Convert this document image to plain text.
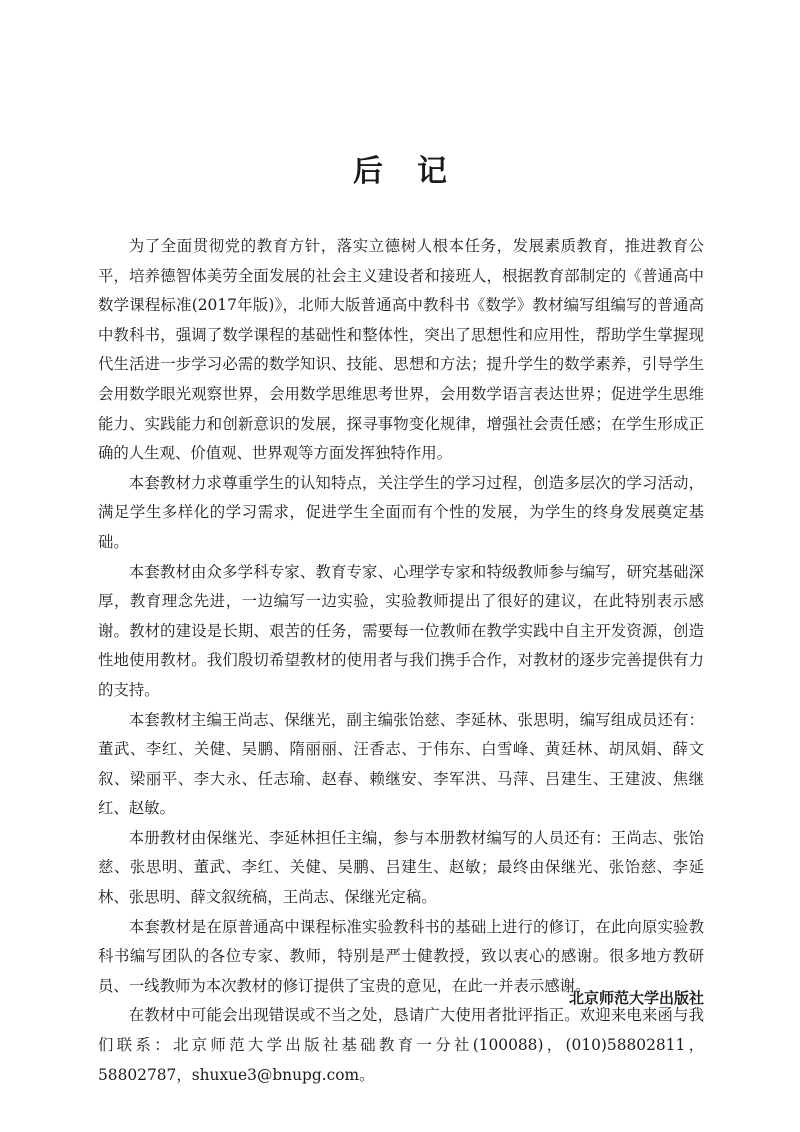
后记

为了全面贯彻党的教育方针，落实立德树人根本任务，发展素质教育，推进教育公平，培养德智体美劳全面发展的社会主义建设者和接班人，根据教育部制定的《普通高中数学课程标准(2017年版)》，北师大版普通高中教科书《数学》教材编写组编写的普通高中教科书，强调了数学课程的基础性和整体性，突出了思想性和应用性，帮助学生掌握现代生活进一步学习必需的数学知识、技能、思想和方法；提升学生的数学素养，引导学生会用数学眼光观察世界，会用数学思维思考世界，会用数学语言表达世界；促进学生思维能力、实践能力和创新意识的发展，探寻事物变化规律，增强社会责任感；在学生形成正确的人生观、价值观、世界观等方面发挥独特作用。

本套教材力求尊重学生的认知特点，关注学生的学习过程，创造多层次的学习活动，满足学生多样化的学习需求，促进学生全面而有个性的发展，为学生的终身发展奠定基础。

本套教材由众多学科专家、教育专家、心理学专家和特级教师参与编写，研究基础深厚，教育理念先进，一边编写一边实验，实验教师提出了很好的建议，在此特别表示感谢。教材的建设是长期、艰苦的任务，需要每一位教师在教学实践中自主开发资源，创造性地使用教材。我们殷切希望教材的使用者与我们携手合作，对教材的逐步完善提供有力的支持。

本套教材主编王尚志、保继光，副主编张饴慈、李延林、张思明，编写组成员还有：董武、李红、关健、吴鹏、隋丽丽、汪香志、于伟东、白雪峰、黄廷林、胡凤娟、薛文叙、梁丽平、李大永、任志瑜、赵春、赖继安、李军洪、马萍、吕建生、王建波、焦继红、赵敏。

本册教材由保继光、李延林担任主编，参与本册教材编写的人员还有：王尚志、张饴慈、张思明、董武、李红、关健、吴鹏、吕建生、赵敏；最终由保继光、张饴慈、李延林、张思明、薛文叙统稿，王尚志、保继光定稿。

本套教材是在原普通高中课程标准实验教科书的基础上进行的修订，在此向原实验教科书编写团队的各位专家、教师，特别是严士健教授，致以衷心的感谢。很多地方教研员、一线教师为本次教材的修订提供了宝贵的意见，在此一并表示感谢。

在教材中可能会出现错误或不当之处，恳请广大使用者批评指正。欢迎来电来函与我们联系：北京师范大学出版社基础教育一分社(100088)，(010)58802811，58802787，shuxue3@bnupg.com。

北京师范大学出版社
